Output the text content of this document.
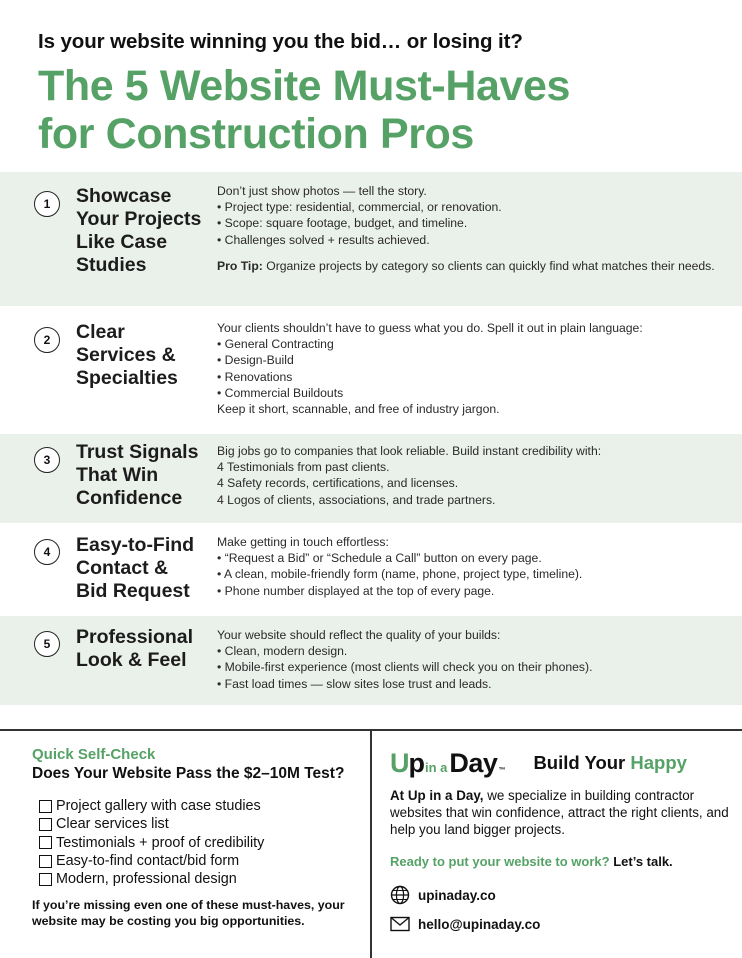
Is your website winning you the bid… or losing it?
The 5 Website Must-Haves
for Construction Pros
1	Showcase
Your Projects
Like Case
Studies
Don’t just show photos — tell the story.
• Project type: residential, commercial, or renovation.
• Scope: square footage, budget, and timeline.
• Challenges solved + results achieved.
Pro Tip: Organize projects by category so clients can quickly find what matches their needs.
2	Clear
Services &
Specialties
Your clients shouldn’t have to guess what you do. Spell it out in plain language:
• General Contracting
• Design-Build
• Renovations
• Commercial Buildouts
Keep it short, scannable, and free of industry jargon.
3	Trust Signals
That Win
Confidence
Big jobs go to companies that look reliable. Build instant credibility with:
4 Testimonials from past clients.
4 Safety records, certifications, and licenses.
4 Logos of clients, associations, and trade partners.
4	Easy-to-Find
Contact &
Bid Request
Make getting in touch effortless:
• “Request a Bid” or “Schedule a Call” button on every page.
• A clean, mobile-friendly form (name, phone, project type, timeline).
• Phone number displayed at the top of every page.
5	Professional
Look & Feel
Your website should reflect the quality of your builds:
• Clean, modern design.
• Mobile-first experience (most clients will check you on their phones).
• Fast load times — slow sites lose trust and leads.
Quick Self-Check
Does Your Website Pass the $2–10M Test?
Project gallery with case studies
Clear services list
Testimonials + proof of credibility
Easy-to-find contact/bid form
Modern, professional design
If you’re missing even one of these must-haves, your website may be costing you big opportunities.
Up in a Day ™ Build Your Happy
At Up in a Day, we specialize in building contractor websites that win confidence, attract the right clients, and help you land bigger projects.
Ready to put your website to work? Let’s talk.
upinaday.co
hello@upinaday.co
